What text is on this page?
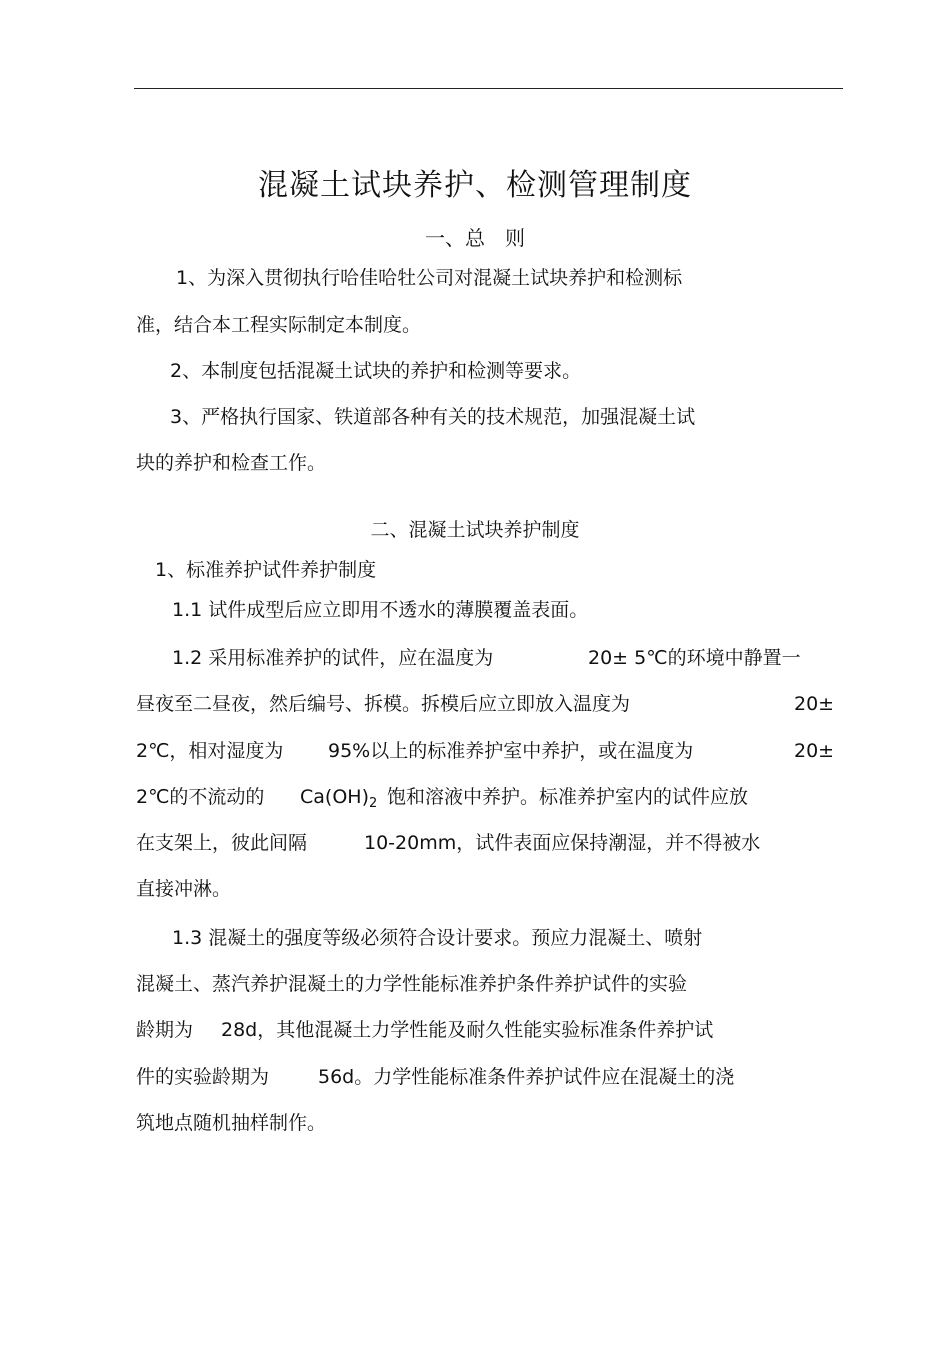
混凝土试块养护、检测管理制度
一、总　则
1、为深入贯彻执行哈佳哈牡公司对混凝土试块养护和检测标
准，结合本工程实际制定本制度。
2、本制度包括混凝土试块的养护和检测等要求。
3、严格执行国家、铁道部各种有关的技术规范，加强混凝土试
块的养护和检查工作。
二、混凝土试块养护制度
1、标准养护试件养护制度
1.1 试件成型后应立即用不透水的薄膜覆盖表面。
1.2 采用标准养护的试件，应在温度为	20± 5℃的环境中静置一
昼夜至二昼夜，然后编号、拆模。拆模后应立即放入温度为	20±
2℃，相对湿度为 95%以上的标准养护室中养护，或在温度为	20±
2℃的不流动的 $Ca(OH)_2$ 饱和溶液中养护。标准养护室内的试件应放
在支架上，彼此间隔	10-20mm，试件表面应保持潮湿，并不得被水
直接冲淋。
1.3 混凝土的强度等级必须符合设计要求。预应力混凝土、喷射
混凝土、蒸汽养护混凝土的力学性能标准养护条件养护试件的实验
龄期为 28d，其他混凝土力学性能及耐久性能实验标准条件养护试
件的实验龄期为	56d。力学性能标准条件养护试件应在混凝土的浇
筑地点随机抽样制作。
